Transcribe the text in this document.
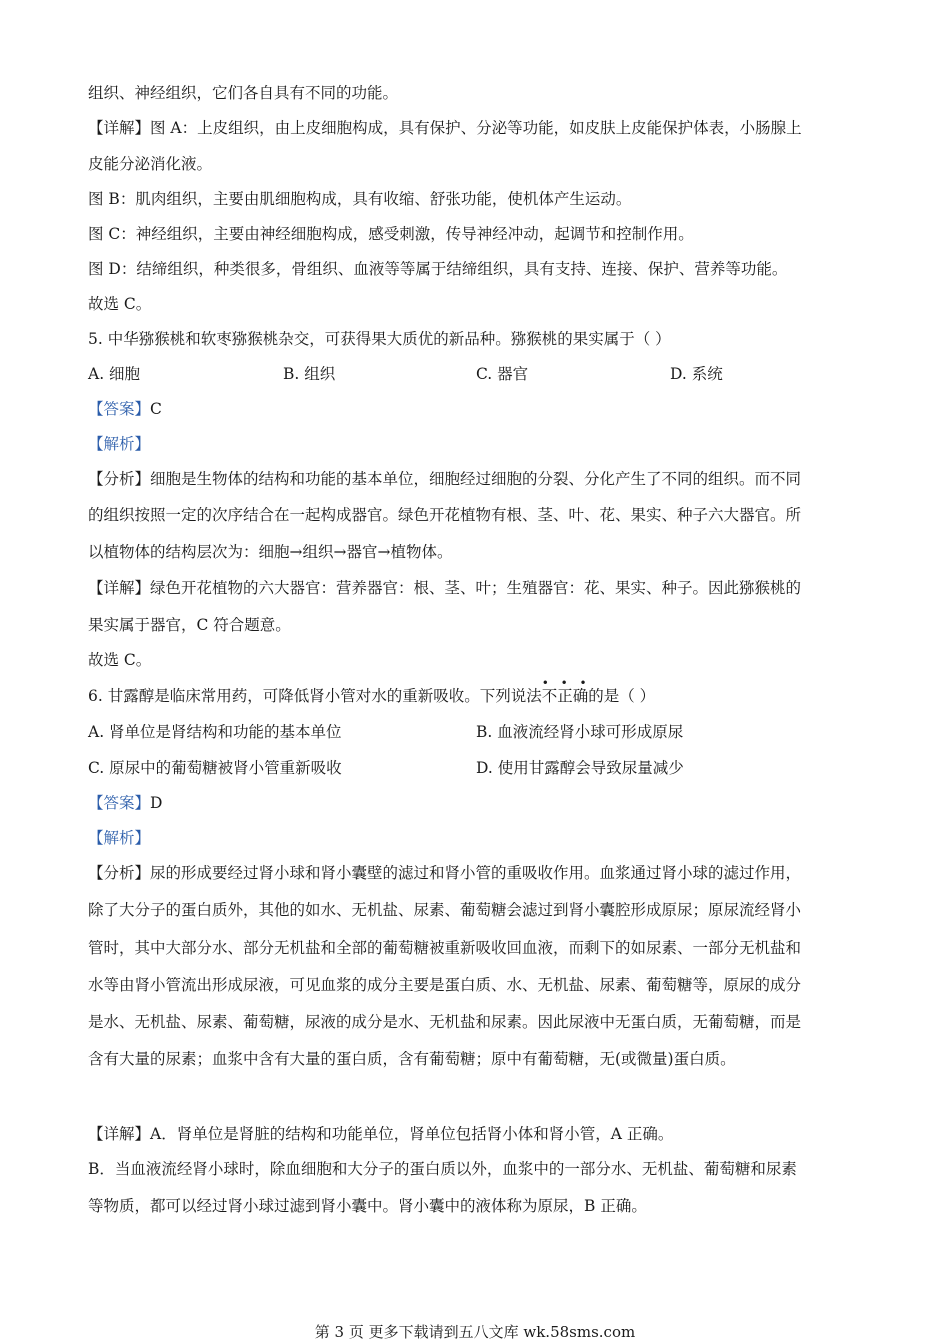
组织、神经组织，它们各自具有不同的功能。
【详解】图 A：上皮组织，由上皮细胞构成，具有保护、分泌等功能，如皮肤上皮能保护体表，小肠腺上
皮能分泌消化液。
图 B：肌肉组织，主要由肌细胞构成，具有收缩、舒张功能，使机体产生运动。
图 C：神经组织，主要由神经细胞构成，感受刺激，传导神经冲动，起调节和控制作用。
图 D：结缔组织，种类很多，骨组织、血液等等属于结缔组织，具有支持、连接、保护、营养等功能。
故选 C。
5. 中华猕猴桃和软枣猕猴桃杂交，可获得果大质优的新品种。猕猴桃的果实属于（ ）
A. 细胞	B. 组织	C. 器官	D. 系统
【答案】C
【解析】
【分析】细胞是生物体的结构和功能的基本单位，细胞经过细胞的分裂、分化产生了不同的组织。而不同
的组织按照一定的次序结合在一起构成器官。绿色开花植物有根、茎、叶、花、果实、种子六大器官。所
以植物体的结构层次为：细胞→组织→器官→植物体。
【详解】绿色开花植物的六大器官：营养器官：根、茎、叶；生殖器官：花、果实、种子。因此猕猴桃的
果实属于器官，C 符合题意。
故选 C。
6. 甘露醇是临床常用药，可降低肾小管对水的重新吸收。下列说法
• • •
不正确的是（ ）
A. 肾单位是肾结构和功能的基本单位	B. 血液流经肾小球可形成原尿
C. 原尿中的葡萄糖被肾小管重新吸收	D. 使用甘露醇会导致尿量减少
【答案】D
【解析】
【分析】尿的形成要经过肾小球和肾小囊壁的滤过和肾小管的重吸收作用。血浆通过肾小球的滤过作用，
除了大分子的蛋白质外，其他的如水、无机盐、尿素、葡萄糖会滤过到肾小囊腔形成原尿；原尿流经肾小
管时，其中大部分水、部分无机盐和全部的葡萄糖被重新吸收回血液，而剩下的如尿素、一部分无机盐和
水等由肾小管流出形成尿液，可见血浆的成分主要是蛋白质、水、无机盐、尿素、葡萄糖等，原尿的成分
是水、无机盐、尿素、葡萄糖，尿液的成分是水、无机盐和尿素。因此尿液中无蛋白质，无葡萄糖，而是
含有大量的尿素；血浆中含有大量的蛋白质，含有葡萄糖；原中有葡萄糖，无(或微量)蛋白质。
【详解】A．肾单位是肾脏的结构和功能单位，肾单位包括肾小体和肾小管，A 正确。
B．当血液流经肾小球时，除血细胞和大分子的蛋白质以外，血浆中的一部分水、无机盐、葡萄糖和尿素
等物质，都可以经过肾小球过滤到肾小囊中。肾小囊中的液体称为原尿，B 正确。
第 3 页 更多下载请到五八文库 wk.58sms.com
